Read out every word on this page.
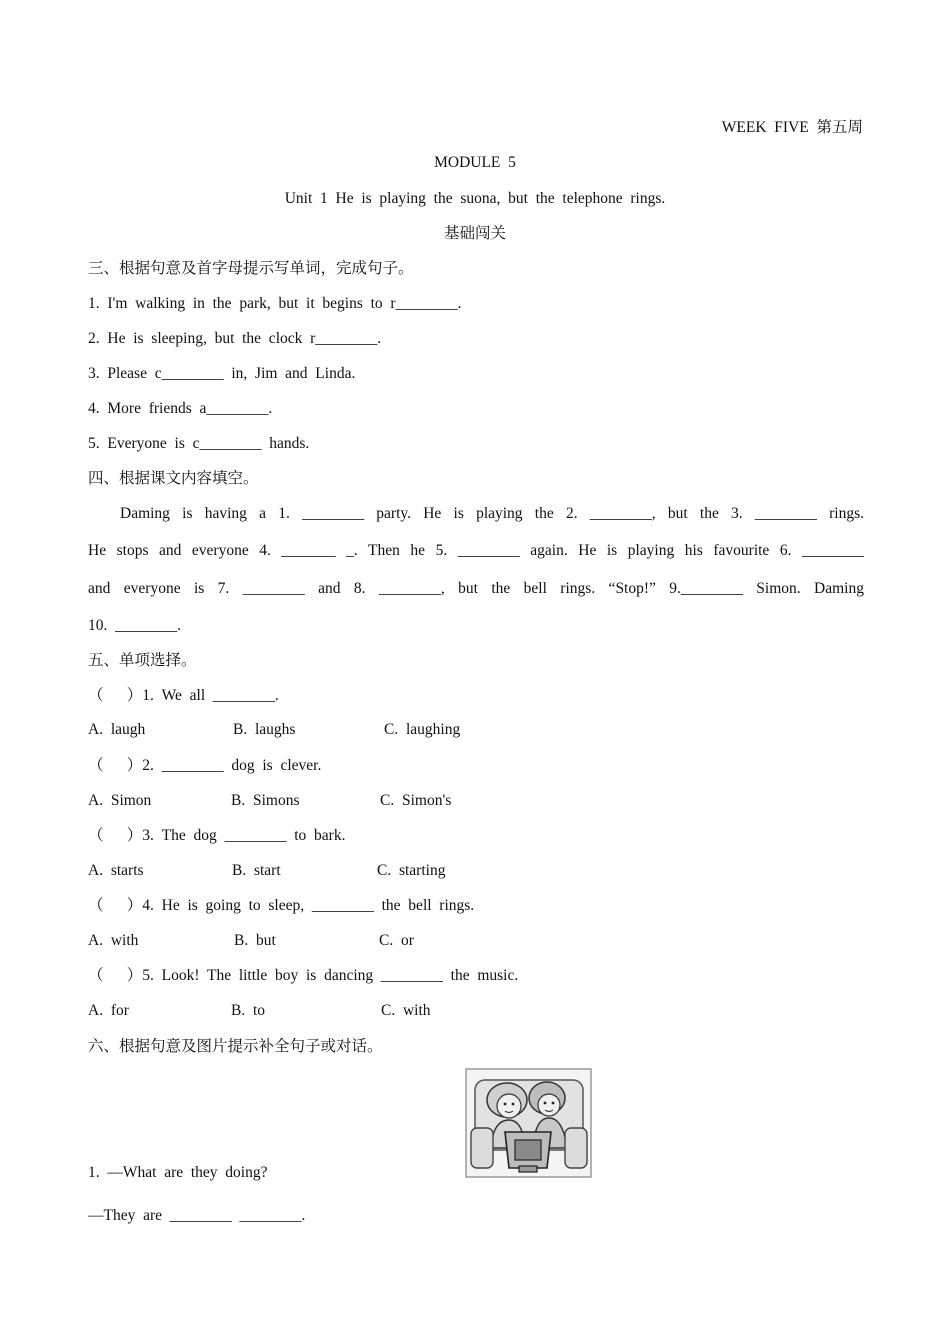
WEEK  FIVE  第五周
MODULE  5
Unit  1  He  is  playing  the  suona,  but  the  telephone  rings.
基础闯关
三、根据句意及首字母提示写单词，完成句子。
1.  I'm  walking  in  the  park,  but  it  begins  to  r________.
2.  He  is  sleeping,  but  the  clock  r________.
3.  Please  c________  in,  Jim  and  Linda.
4.  More  friends  a________.
5.  Everyone  is  c________  hands.
四、根据课文内容填空。
Daming is having a 1. ________ party. He is playing the 2. ________, but the 3. ________ rings.
He stops and everyone 4. _______ _. Then he 5. ________ again. He is playing his favourite 6. ________
and everyone is 7. ________ and 8. ________, but the bell rings. “Stop!” 9.________ Simon. Daming
10.  ________.
五、单项选择。
（      ）1.  We  all  ________.
A.  laugh	B.  laughs	C.  laughing
（      ）2.  ________  dog  is  clever.
A.  Simon	B.  Simons	C.  Simon's
（      ）3.  The  dog  ________  to  bark.
A.  starts	B.  start	C.  starting
（      ）4.  He  is  going  to  sleep,  ________  the  bell  rings.
A.  with	B.  but	C.  or
（      ）5.  Look!  The  little  boy  is  dancing  ________  the  music.
A.  for	B.  to	C.  with
六、根据句意及图片提示补全句子或对话。
1.  —What  are  they  doing?
—They  are  ________  ________.
